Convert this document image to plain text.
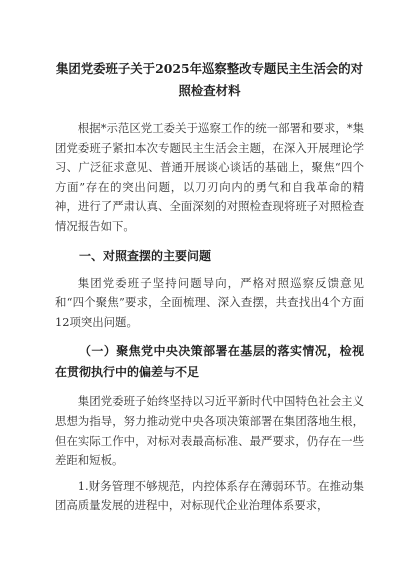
集团党委班子关于2025年巡察整改专题民主生活会的对照检查材料

根据*示范区党工委关于巡察工作的统一部署和要求，*集团党委班子紧扣本次专题民主生活会主题，在深入开展理论学习、广泛征求意见、普通开展谈心谈话的基础上，聚焦“四个方面”存在的突出问题，以刀刃向内的勇气和自我革命的精神，进行了严肃认真、全面深刻的对照检查现将班子对照检查情况报告如下。

一、对照查摆的主要问题

集团党委班子坚持问题导向，严格对照巡察反馈意见和“四个聚焦”要求，全面梳理、深入查摆，共查找出4个方面12项突出问题。

（一）聚焦党中央决策部署在基层的落实情况，检视在贯彻执行中的偏差与不足

集团党委班子始终坚持以习近平新时代中国特色社会主义思想为指导，努力推动党中央各项决策部署在集团落地生根，但在实际工作中，对标对表最高标准、最严要求，仍存在一些差距和短板。

1.财务管理不够规范，内控体系存在薄弱环节。在推动集团高质量发展的进程中，对标现代企业治理体系要求，
